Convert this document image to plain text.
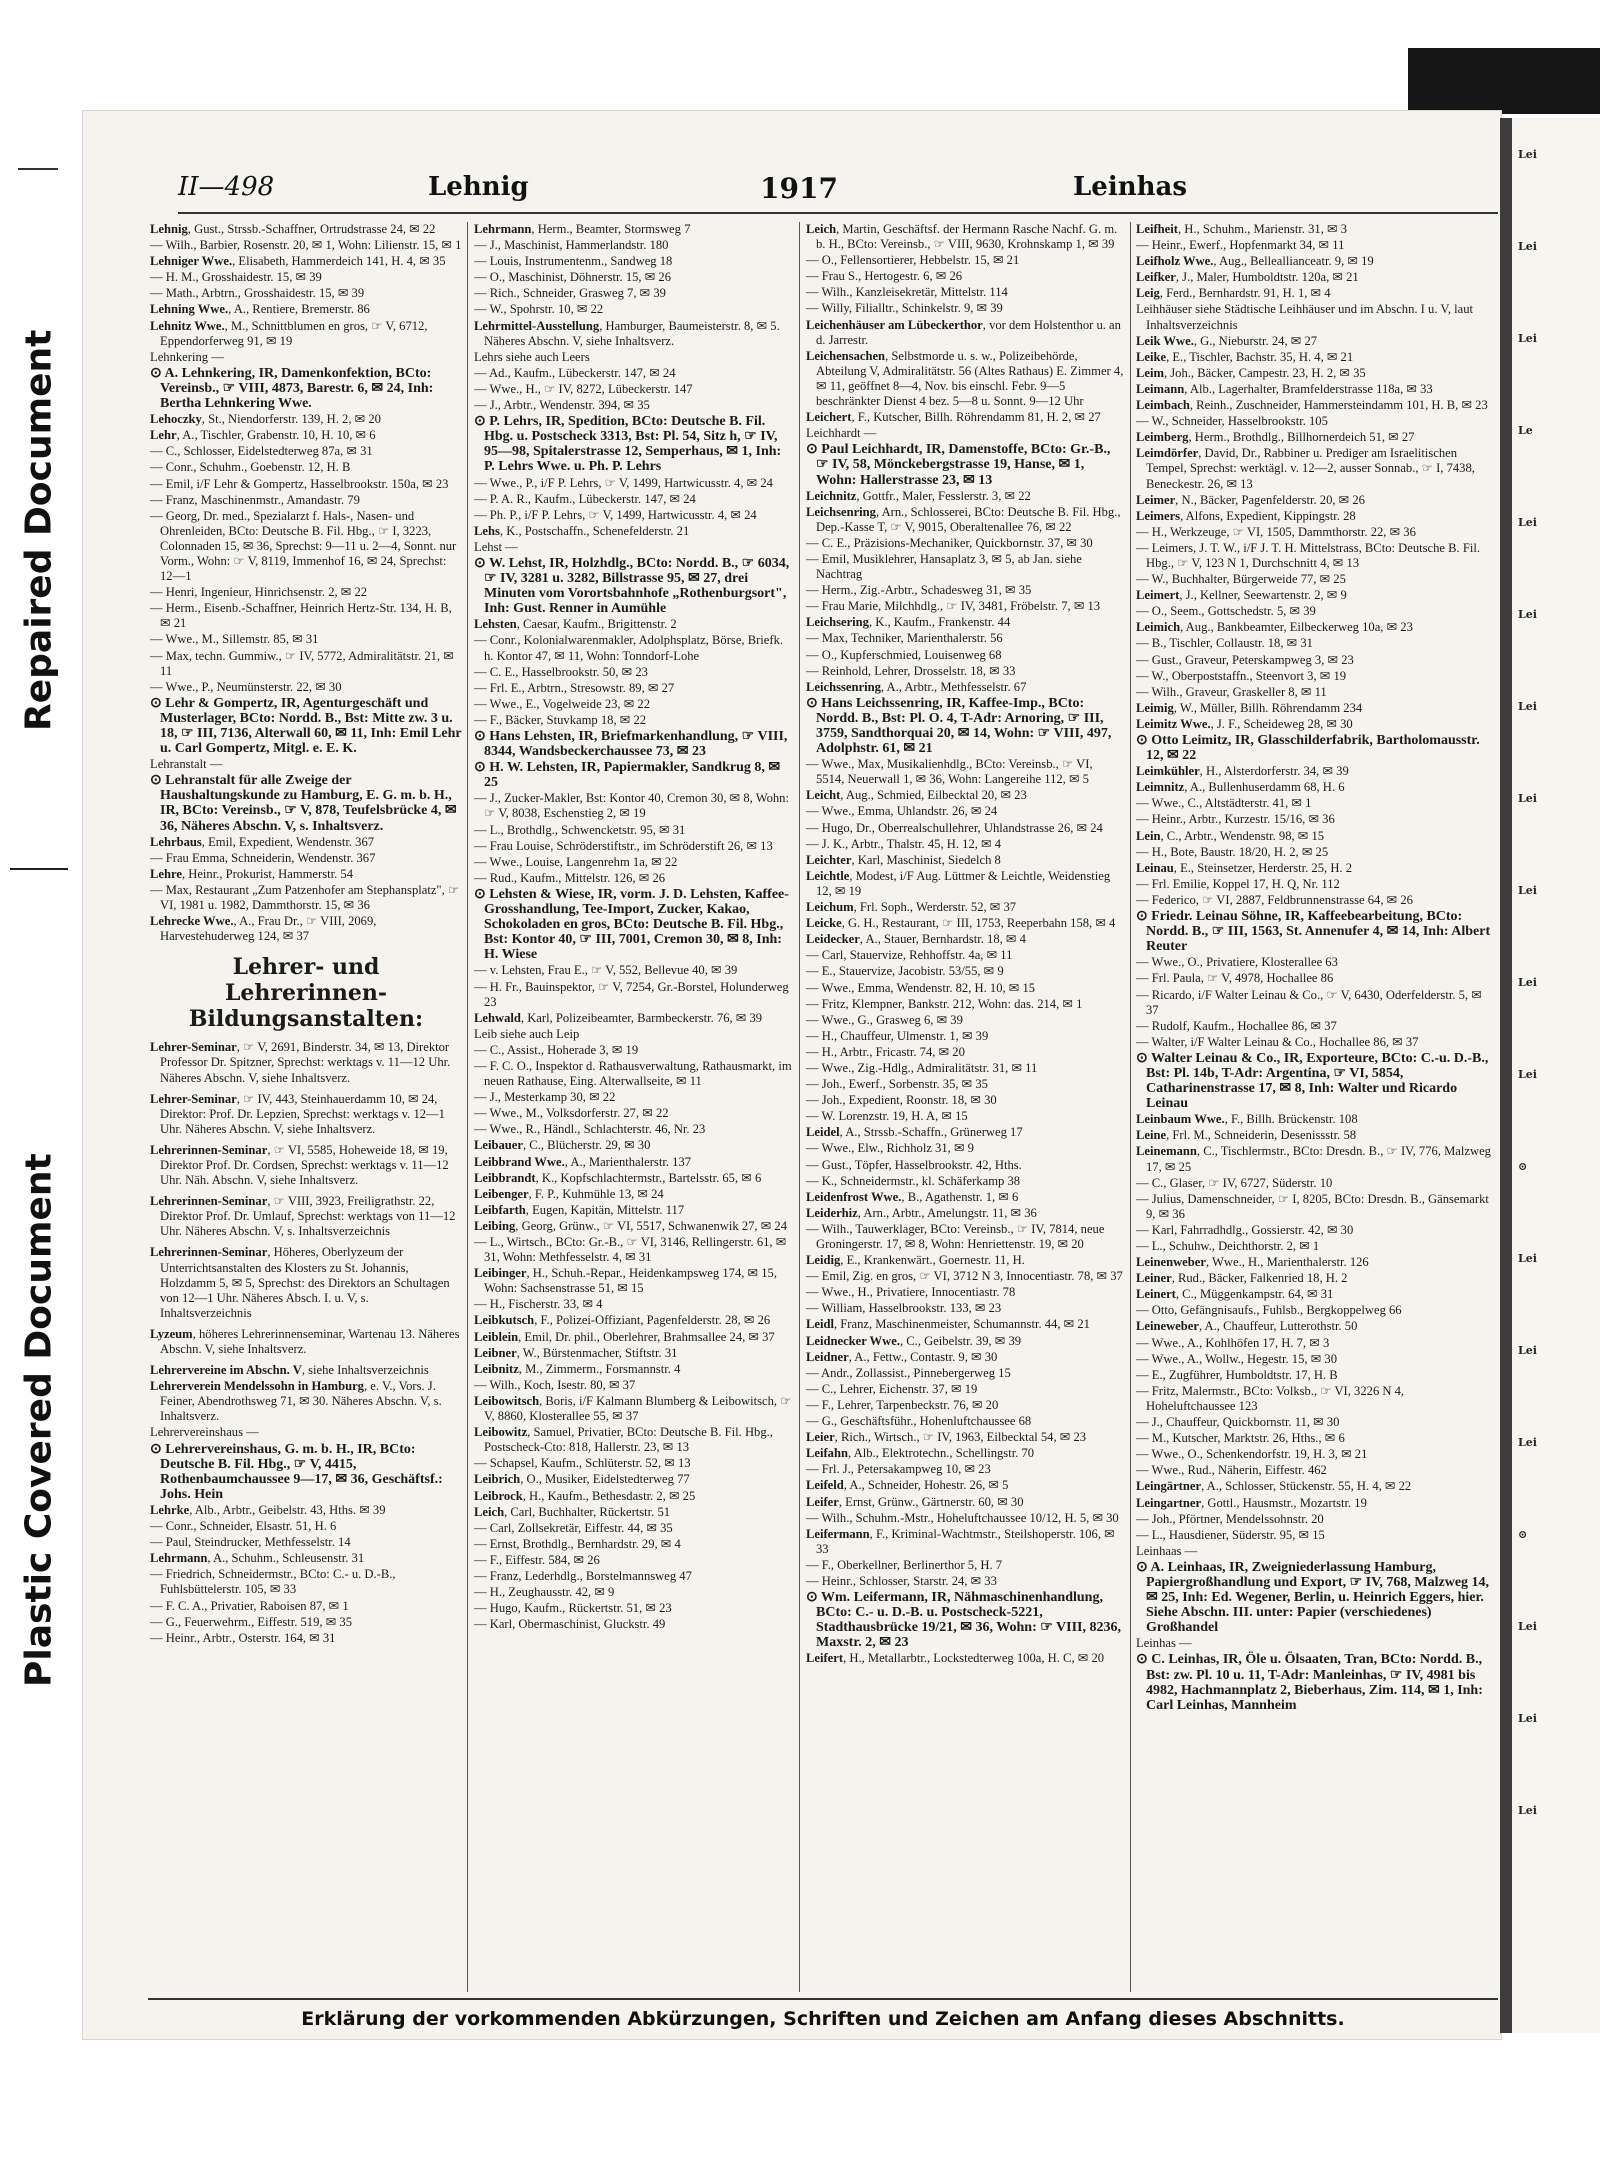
Repaired Document
Plastic Covered Document
Lei
Lei
Lei
Le
Lei
Lei
Lei
Lei
Lei
Lei
Lei
⊙
Lei
Lei
Lei
⊙
Lei
Lei
Lei
II—498	Lehnig	1917	Leinhas

Lehnig, Gust., Strssb.-Schaffner, Ortrudstrasse 24, ✉ 22

— Wilh., Barbier, Rosenstr. 20, ✉ 1, Wohn: Lilienstr. 15, ✉ 1

Lehniger Wwe., Elisabeth, Hammerdeich 141, H. 4, ✉ 35

— H. M., Grosshaidestr. 15, ✉ 39

— Math., Arbtrn., Grosshaidestr. 15, ✉ 39

Lehning Wwe., A., Rentiere, Bremerstr. 86

Lehnitz Wwe., M., Schnittblumen en gros, ☞ V, 6712, Eppendorferweg 91, ✉ 19

Lehnkering —

⊙ A. Lehnkering, IR, Damenkonfektion, BCto: Vereinsb., ☞ VIII, 4873, Barestr. 6, ✉ 24, Inh: Bertha Lehnkering Wwe.

Lehoczky, St., Niendorferstr. 139, H. 2, ✉ 20

Lehr, A., Tischler, Grabenstr. 10, H. 10, ✉ 6

— C., Schlosser, Eidelstedterweg 87a, ✉ 31

— Conr., Schuhm., Goebenstr. 12, H. B

— Emil, i/F Lehr & Gompertz, Hasselbrookstr. 150a, ✉ 23

— Franz, Maschinenmstr., Amandastr. 79

— Georg, Dr. med., Spezialarzt f. Hals-, Nasen- und Ohrenleiden, BCto: Deutsche B. Fil. Hbg., ☞ I, 3223, Colonnaden 15, ✉ 36, Sprechst: 9—11 u. 2—4, Sonnt. nur Vorm., Wohn: ☞ V, 8119, Immenhof 16, ✉ 24, Sprechst: 12—1

— Henri, Ingenieur, Hinrichsenstr. 2, ✉ 22

— Herm., Eisenb.-Schaffner, Heinrich Hertz-Str. 134, H. B, ✉ 21

— Wwe., M., Sillemstr. 85, ✉ 31

— Max, techn. Gummiw., ☞ IV, 5772, Admiralitätstr. 21, ✉ 11

— Wwe., P., Neumünsterstr. 22, ✉ 30

⊙ Lehr & Gompertz, IR, Agenturgeschäft und Musterlager, BCto: Nordd. B., Bst: Mitte zw. 3 u. 18, ☞ III, 7136, Alterwall 60, ✉ 11, Inh: Emil Lehr u. Carl Gompertz, Mitgl. e. E. K.

Lehranstalt —

⊙ Lehranstalt für alle Zweige der Haushaltungskunde zu Hamburg, E. G. m. b. H., IR, BCto: Vereinsb., ☞ V, 878, Teufelsbrücke 4, ✉ 36, Näheres Abschn. V, s. Inhaltsverz.

Lehrbaus, Emil, Expedient, Wendenstr. 367

— Frau Emma, Schneiderin, Wendenstr. 367

Lehre, Heinr., Prokurist, Hammerstr. 54

— Max, Restaurant „Zum Patzenhofer am Stephansplatz", ☞ VI, 1981 u. 1982, Dammthorstr. 15, ✉ 36

Lehrecke Wwe., A., Frau Dr., ☞ VIII, 2069, Harvestehuderweg 124, ✉ 37

Lehrer- und Lehrerinnen-Bildungsanstalten:

Lehrer-Seminar, ☞ V, 2691, Binderstr. 34, ✉ 13, Direktor Professor Dr. Spitzner, Sprechst: werktags v. 11—12 Uhr. Näheres Abschn. V, siehe Inhaltsverz.

Lehrer-Seminar, ☞ IV, 443, Steinhauerdamm 10, ✉ 24, Direktor: Prof. Dr. Lepzien, Sprechst: werktags v. 12—1 Uhr. Näheres Abschn. V, siehe Inhaltsverz.

Lehrerinnen-Seminar, ☞ VI, 5585, Hoheweide 18, ✉ 19, Direktor Prof. Dr. Cordsen, Sprechst: werktags v. 11—12 Uhr. Näh. Abschn. V, siehe Inhaltsverz.

Lehrerinnen-Seminar, ☞ VIII, 3923, Freiligrathstr. 22, Direktor Prof. Dr. Umlauf, Sprechst: werktags von 11—12 Uhr. Näheres Abschn. V, s. Inhaltsverzeichnis

Lehrerinnen-Seminar, Höheres, Oberlyzeum der Unterrichtsanstalten des Klosters zu St. Johannis, Holzdamm 5, ✉ 5, Sprechst: des Direktors an Schultagen von 12—1 Uhr. Näheres Absch. I. u. V, s. Inhaltsverzeichnis

Lyzeum, höheres Lehrerinnenseminar, Wartenau 13. Näheres Abschn. V, siehe Inhaltsverz.

Lehrervereine im Abschn. V, siehe Inhaltsverzeichnis

Lehrerverein Mendelssohn in Hamburg, e. V., Vors. J. Feiner, Abendrothsweg 71, ✉ 30. Näheres Abschn. V, s. Inhaltsverz.

Lehrervereinshaus —

⊙ Lehrervereinshaus, G. m. b. H., IR, BCto: Deutsche B. Fil. Hbg., ☞ V, 4415, Rothenbaumchaussee 9—17, ✉ 36, Geschäftsf.: Johs. Hein

Lehrke, Alb., Arbtr., Geibelstr. 43, Hths. ✉ 39

— Conr., Schneider, Elsastr. 51, H. 6

— Paul, Steindrucker, Methfesselstr. 14

Lehrmann, A., Schuhm., Schleusenstr. 31

— Friedrich, Schneidermstr., BCto: C.- u. D.-B., Fuhlsbüttelerstr. 105, ✉ 33

— F. C. A., Privatier, Raboisen 87, ✉ 1

— G., Feuerwehrm., Eiffestr. 519, ✉ 35

— Heinr., Arbtr., Osterstr. 164, ✉ 31

Lehrmann, Herm., Beamter, Stormsweg 7

— J., Maschinist, Hammerlandstr. 180

— Louis, Instrumentenm., Sandweg 18

— O., Maschinist, Döhnerstr. 15, ✉ 26

— Rich., Schneider, Grasweg 7, ✉ 39

— W., Spohrstr. 10, ✉ 22

Lehrmittel-Ausstellung, Hamburger, Baumeisterstr. 8, ✉ 5. Näheres Abschn. V, siehe Inhaltsverz.

Lehrs siehe auch Leers

— Ad., Kaufm., Lübeckerstr. 147, ✉ 24

— Wwe., H., ☞ IV, 8272, Lübeckerstr. 147

— J., Arbtr., Wendenstr. 394, ✉ 35

⊙ P. Lehrs, IR, Spedition, BCto: Deutsche B. Fil. Hbg. u. Postscheck 3313, Bst: Pl. 54, Sitz h, ☞ IV, 95—98, Spitalerstrasse 12, Semperhaus, ✉ 1, Inh: P. Lehrs Wwe. u. Ph. P. Lehrs

— Wwe., P., i/F P. Lehrs, ☞ V, 1499, Hartwicusstr. 4, ✉ 24

— P. A. R., Kaufm., Lübeckerstr. 147, ✉ 24

— Ph. P., i/F P. Lehrs, ☞ V, 1499, Hartwicusstr. 4, ✉ 24

Lehs, K., Postschaffn., Schenefelderstr. 21

Lehst —

⊙ W. Lehst, IR, Holzhdlg., BCto: Nordd. B., ☞ 6034, ☞ IV, 3281 u. 3282, Billstrasse 95, ✉ 27, drei Minuten vom Vorortsbahnhofe „Rothenburgsort", Inh: Gust. Renner in Aumühle

Lehsten, Caesar, Kaufm., Brigittenstr. 2

— Conr., Kolonialwarenmakler, Adolphsplatz, Börse, Briefk. h. Kontor 47, ✉ 11, Wohn: Tonndorf-Lohe

— C. E., Hasselbrookstr. 50, ✉ 23

— Frl. E., Arbtrn., Stresowstr. 89, ✉ 27

— Wwe., E., Vogelweide 23, ✉ 22

— F., Bäcker, Stuvkamp 18, ✉ 22

⊙ Hans Lehsten, IR, Briefmarkenhandlung, ☞ VIII, 8344, Wandsbeckerchaussee 73, ✉ 23

⊙ H. W. Lehsten, IR, Papiermakler, Sandkrug 8, ✉ 25

— J., Zucker-Makler, Bst: Kontor 40, Cremon 30, ✉ 8, Wohn: ☞ V, 8038, Eschenstieg 2, ✉ 19

— L., Brothdlg., Schwencketstr. 95, ✉ 31

— Frau Louise, Schröderstiftstr., im Schröderstift 26, ✉ 13

— Wwe., Louise, Langenrehm 1a, ✉ 22

— Rud., Kaufm., Mittelstr. 126, ✉ 26

⊙ Lehsten & Wiese, IR, vorm. J. D. Lehsten, Kaffee-Grosshandlung, Tee-Import, Zucker, Kakao, Schokoladen en gros, BCto: Deutsche B. Fil. Hbg., Bst: Kontor 40, ☞ III, 7001, Cremon 30, ✉ 8, Inh: H. Wiese

— v. Lehsten, Frau E., ☞ V, 552, Bellevue 40, ✉ 39

— H. Fr., Bauinspektor, ☞ V, 7254, Gr.-Borstel, Holunderweg 23

Lehwald, Karl, Polizeibeamter, Barmbeckerstr. 76, ✉ 39

Leib siehe auch Leip

— C., Assist., Hoherade 3, ✉ 19

— F. C. O., Inspektor d. Rathausverwaltung, Rathausmarkt, im neuen Rathause, Eing. Alterwallseite, ✉ 11

— J., Mesterkamp 30, ✉ 22

— Wwe., M., Volksdorferstr. 27, ✉ 22

— Wwe., R., Händl., Schlachterstr. 46, Nr. 23

Leibauer, C., Blücherstr. 29, ✉ 30

Leibbrand Wwe., A., Marienthalerstr. 137

Leibbrandt, K., Kopfschlachtermstr., Bartelsstr. 65, ✉ 6

Leibenger, F. P., Kuhmühle 13, ✉ 24

Leibfarth, Eugen, Kapitän, Mittelstr. 117

Leibing, Georg, Grünw., ☞ VI, 5517, Schwanenwik 27, ✉ 24

— L., Wirtsch., BCto: Gr.-B., ☞ VI, 3146, Rellingerstr. 61, ✉ 31, Wohn: Methfesselstr. 4, ✉ 31

Leibinger, H., Schuh.-Repar., Heidenkampsweg 174, ✉ 15, Wohn: Sachsenstrasse 51, ✉ 15

— H., Fischerstr. 33, ✉ 4

Leibkutsch, F., Polizei-Offiziant, Pagenfelderstr. 28, ✉ 26

Leiblein, Emil, Dr. phil., Oberlehrer, Brahmsallee 24, ✉ 37

Leibner, W., Bürstenmacher, Stiftstr. 31

Leibnitz, M., Zimmerm., Forsmannstr. 4

— Wilh., Koch, Isestr. 80, ✉ 37

Leibowitsch, Boris, i/F Kalmann Blumberg & Leibowitsch, ☞ V, 8860, Klosterallee 55, ✉ 37

Leibowitz, Samuel, Privatier, BCto: Deutsche B. Fil. Hbg., Postscheck-Cto: 818, Hallerstr. 23, ✉ 13

— Schapsel, Kaufm., Schlüterstr. 52, ✉ 13

Leibrich, O., Musiker, Eidelstedterweg 77

Leibrock, H., Kaufm., Bethesdastr. 2, ✉ 25

Leich, Carl, Buchhalter, Rückertstr. 51

— Carl, Zollsekretär, Eiffestr. 44, ✉ 35

— Ernst, Brothdlg., Bernhardstr. 29, ✉ 4

— F., Eiffestr. 584, ✉ 26

— Franz, Lederhdlg., Borstelmannsweg 47

— H., Zeughausstr. 42, ✉ 9

— Hugo, Kaufm., Rückertstr. 51, ✉ 23

— Karl, Obermaschinist, Gluckstr. 49

Leich, Martin, Geschäftsf. der Hermann Rasche Nachf. G. m. b. H., BCto: Vereinsb., ☞ VIII, 9630, Krohnskamp 1, ✉ 39

— O., Fellensortierer, Hebbelstr. 15, ✉ 21

— Frau S., Hertogestr. 6, ✉ 26

— Wilh., Kanzleisekretär, Mittelstr. 114

— Willy, Filialltr., Schinkelstr. 9, ✉ 39

Leichenhäuser am Lübeckerthor, vor dem Holstenthor u. an d. Jarrestr.

Leichensachen, Selbstmorde u. s. w., Polizeibehörde, Abteilung V, Admiralitätstr. 56 (Altes Rathaus) E. Zimmer 4, ✉ 11, geöffnet 8—4, Nov. bis einschl. Febr. 9—5 beschränkter Dienst 4 bez. 5—8 u. Sonnt. 9—12 Uhr

Leichert, F., Kutscher, Billh. Röhrendamm 81, H. 2, ✉ 27

Leichhardt —

⊙ Paul Leichhardt, IR, Damenstoffe, BCto: Gr.-B., ☞ IV, 58, Mönckebergstrasse 19, Hanse, ✉ 1, Wohn: Hallerstrasse 23, ✉ 13

Leichnitz, Gottfr., Maler, Fesslerstr. 3, ✉ 22

Leichsenring, Arn., Schlosserei, BCto: Deutsche B. Fil. Hbg., Dep.-Kasse T, ☞ V, 9015, Oberaltenallee 76, ✉ 22

— C. E., Präzisions-Mechaniker, Quickbornstr. 37, ✉ 30

— Emil, Musiklehrer, Hansaplatz 3, ✉ 5, ab Jan. siehe Nachtrag

— Herm., Zig.-Arbtr., Schadesweg 31, ✉ 35

— Frau Marie, Milchhdlg., ☞ IV, 3481, Fröbelstr. 7, ✉ 13

Leichsering, K., Kaufm., Frankenstr. 44

— Max, Techniker, Marienthalerstr. 56

— O., Kupferschmied, Louisenweg 68

— Reinhold, Lehrer, Drosselstr. 18, ✉ 33

Leichssenring, A., Arbtr., Methfesselstr. 67

⊙ Hans Leichssenring, IR, Kaffee-Imp., BCto: Nordd. B., Bst: Pl. O. 4, T-Adr: Arnoring, ☞ III, 3759, Sandthorquai 20, ✉ 14, Wohn: ☞ VIII, 497, Adolphstr. 61, ✉ 21

— Wwe., Max, Musikalienhdlg., BCto: Vereinsb., ☞ VI, 5514, Neuerwall 1, ✉ 36, Wohn: Langereihe 112, ✉ 5

Leicht, Aug., Schmied, Eilbecktal 20, ✉ 23

— Wwe., Emma, Uhlandstr. 26, ✉ 24

— Hugo, Dr., Oberrealschullehrer, Uhlandstrasse 26, ✉ 24

— J. K., Arbtr., Thalstr. 45, H. 12, ✉ 4

Leichter, Karl, Maschinist, Siedelch 8

Leichtle, Modest, i/F Aug. Lüttmer & Leichtle, Weidenstieg 12, ✉ 19

Leichum, Frl. Soph., Werderstr. 52, ✉ 37

Leicke, G. H., Restaurant, ☞ III, 1753, Reeperbahn 158, ✉ 4

Leidecker, A., Stauer, Bernhardstr. 18, ✉ 4

— Carl, Stauervize, Rehhoffstr. 4a, ✉ 11

— E., Stauervize, Jacobistr. 53/55, ✉ 9

— Wwe., Emma, Wendenstr. 82, H. 10, ✉ 15

— Fritz, Klempner, Bankstr. 212, Wohn: das. 214, ✉ 1

— Wwe., G., Grasweg 6, ✉ 39

— H., Chauffeur, Ulmenstr. 1, ✉ 39

— H., Arbtr., Fricastr. 74, ✉ 20

— Wwe., Zig.-Hdlg., Admiralitätstr. 31, ✉ 11

— Joh., Ewerf., Sorbenstr. 35, ✉ 35

— Joh., Expedient, Roonstr. 18, ✉ 30

— W. Lorenzstr. 19, H. A, ✉ 15

Leidel, A., Strssb.-Schaffn., Grünerweg 17

— Wwe., Elw., Richholz 31, ✉ 9

— Gust., Töpfer, Hasselbrookstr. 42, Hths.

— K., Schneidermstr., kl. Schäferkamp 38

Leidenfrost Wwe., B., Agathenstr. 1, ✉ 6

Leiderhiz, Arn., Arbtr., Amelungstr. 11, ✉ 36

— Wilh., Tauwerklager, BCto: Vereinsb., ☞ IV, 7814, neue Groningerstr. 17, ✉ 8, Wohn: Henriettenstr. 19, ✉ 20

Leidig, E., Krankenwärt., Goernestr. 11, H.

— Emil, Zig. en gros, ☞ VI, 3712 N 3, Innocentiastr. 78, ✉ 37

— Wwe., H., Privatiere, Innocentiastr. 78

— William, Hasselbrookstr. 133, ✉ 23

Leidl, Franz, Maschinenmeister, Schumannstr. 44, ✉ 21

Leidnecker Wwe., C., Geibelstr. 39, ✉ 39

Leidner, A., Fettw., Contastr. 9, ✉ 30

— Andr., Zollassist., Pinnebergerweg 15

— C., Lehrer, Eichenstr. 37, ✉ 19

— F., Lehrer, Tarpenbeckstr. 76, ✉ 20

— G., Geschäftsführ., Hohenluftchaussee 68

Leier, Rich., Wirtsch., ☞ IV, 1963, Eilbecktal 54, ✉ 23

Leifahn, Alb., Elektrotechn., Schellingstr. 70

— Frl. J., Petersakampweg 10, ✉ 23

Leifeld, A., Schneider, Hohestr. 26, ✉ 5

Leifer, Ernst, Grünw., Gärtnerstr. 60, ✉ 30

— Wilh., Schuhm.-Mstr., Hoheluftchaussee 10/12, H. 5, ✉ 30

Leifermann, F., Kriminal-Wachtmstr., Steilshoperstr. 106, ✉ 33

— F., Oberkellner, Berlinerthor 5, H. 7

— Heinr., Schlosser, Starstr. 24, ✉ 33

⊙ Wm. Leifermann, IR, Nähmaschinenhandlung, BCto: C.- u. D.-B. u. Postscheck-5221, Stadthausbrücke 19/21, ✉ 36, Wohn: ☞ VIII, 8236, Maxstr. 2, ✉ 23

Leifert, H., Metallarbtr., Lockstedterweg 100a, H. C, ✉ 20

Leifheit, H., Schuhm., Marienstr. 31, ✉ 3

— Heinr., Ewerf., Hopfenmarkt 34, ✉ 11

Leifholz Wwe., Aug., Belleallianceatr. 9, ✉ 19

Leifker, J., Maler, Humboldtstr. 120a, ✉ 21

Leig, Ferd., Bernhardstr. 91, H. 1, ✉ 4

Leihhäuser siehe Städtische Leihhäuser und im Abschn. I u. V, laut Inhaltsverzeichnis

Leik Wwe., G., Nieburstr. 24, ✉ 27

Leike, E., Tischler, Bachstr. 35, H. 4, ✉ 21

Leim, Joh., Bäcker, Campestr. 23, H. 2, ✉ 35

Leimann, Alb., Lagerhalter, Bramfelderstrasse 118a, ✉ 33

Leimbach, Reinh., Zuschneider, Hammersteindamm 101, H. B, ✉ 23

— W., Schneider, Hasselbrookstr. 105

Leimberg, Herm., Brothdlg., Billhornerdeich 51, ✉ 27

Leimdörfer, David, Dr., Rabbiner u. Prediger am Israelitischen Tempel, Sprechst: werktägl. v. 12—2, ausser Sonnab., ☞ I, 7438, Beneckestr. 26, ✉ 13

Leimer, N., Bäcker, Pagenfelderstr. 20, ✉ 26

Leimers, Alfons, Expedient, Kippingstr. 28

— H., Werkzeuge, ☞ VI, 1505, Dammthorstr. 22, ✉ 36

— Leimers, J. T. W., i/F J. T. H. Mittelstrass, BCto: Deutsche B. Fil. Hbg., ☞ V, 123 N 1, Durchschnitt 4, ✉ 13

— W., Buchhalter, Bürgerweide 77, ✉ 25

Leimert, J., Kellner, Seewartenstr. 2, ✉ 9

— O., Seem., Gottschedstr. 5, ✉ 39

Leimich, Aug., Bankbeamter, Eilbeckerweg 10a, ✉ 23

— B., Tischler, Collaustr. 18, ✉ 31

— Gust., Graveur, Peterskampweg 3, ✉ 23

— W., Oberpoststaffn., Steenvort 3, ✉ 19

— Wilh., Graveur, Graskeller 8, ✉ 11

Leimig, W., Müller, Billh. Röhrendamm 234

Leimitz Wwe., J. F., Scheideweg 28, ✉ 30

⊙ Otto Leimitz, IR, Glasschilderfabrik, Bartholomausstr. 12, ✉ 22

Leimkühler, H., Alsterdorferstr. 34, ✉ 39

Leimnitz, A., Bullenhuserdamm 68, H. 6

— Wwe., C., Altstädterstr. 41, ✉ 1

— Heinr., Arbtr., Kurzestr. 15/16, ✉ 36

Lein, C., Arbtr., Wendenstr. 98, ✉ 15

— H., Bote, Baustr. 18/20, H. 2, ✉ 25

Leinau, E., Steinsetzer, Herderstr. 25, H. 2

— Frl. Emilie, Koppel 17, H. Q, Nr. 112

— Federico, ☞ VI, 2887, Feldbrunnenstrasse 64, ✉ 26

⊙ Friedr. Leinau Söhne, IR, Kaffeebearbeitung, BCto: Nordd. B., ☞ III, 1563, St. Annenufer 4, ✉ 14, Inh: Albert Reuter

— Wwe., O., Privatiere, Klosterallee 63

— Frl. Paula, ☞ V, 4978, Hochallee 86

— Ricardo, i/F Walter Leinau & Co., ☞ V, 6430, Oderfelderstr. 5, ✉ 37

— Rudolf, Kaufm., Hochallee 86, ✉ 37

— Walter, i/F Walter Leinau & Co., Hochallee 86, ✉ 37

⊙ Walter Leinau & Co., IR, Exporteure, BCto: C.-u. D.-B., Bst: Pl. 14b, T-Adr: Argentina, ☞ VI, 5854, Catharinenstrasse 17, ✉ 8, Inh: Walter und Ricardo Leinau

Leinbaum Wwe., F., Billh. Brückenstr. 108

Leine, Frl. M., Schneiderin, Desenissstr. 58

Leinemann, C., Tischlermstr., BCto: Dresdn. B., ☞ IV, 776, Malzweg 17, ✉ 25

— C., Glaser, ☞ IV, 6727, Süderstr. 10

— Julius, Damenschneider, ☞ I, 8205, BCto: Dresdn. B., Gänsemarkt 9, ✉ 36

— Karl, Fahrradhdlg., Gossierstr. 42, ✉ 30

— L., Schuhw., Deichthorstr. 2, ✉ 1

Leinenweber, Wwe., H., Marienthalerstr. 126

Leiner, Rud., Bäcker, Falkenried 18, H. 2

Leinert, C., Müggenkampstr. 64, ✉ 31

— Otto, Gefängnisaufs., Fuhlsb., Bergkoppelweg 66

Leineweber, A., Chauffeur, Lutterothstr. 50

— Wwe., A., Kohlhöfen 17, H. 7, ✉ 3

— Wwe., A., Wollw., Hegestr. 15, ✉ 30

— E., Zugführer, Humboldtstr. 17, H. B

— Fritz, Malermstr., BCto: Volksb., ☞ VI, 3226 N 4, Hoheluftchaussee 123

— J., Chauffeur, Quickbornstr. 11, ✉ 30

— M., Kutscher, Marktstr. 26, Hths., ✉ 6

— Wwe., O., Schenkendorfstr. 19, H. 3, ✉ 21

— Wwe., Rud., Näherin, Eiffestr. 462

Leingärtner, A., Schlosser, Stückenstr. 55, H. 4, ✉ 22

Leingartner, Gottl., Hausmstr., Mozartstr. 19

— Joh., Pförtner, Mendelssohnstr. 20

— L., Hausdiener, Süderstr. 95, ✉ 15

Leinhaas —

⊙ A. Leinhaas, IR, Zweigniederlassung Hamburg, Papiergroßhandlung und Export, ☞ IV, 768, Malzweg 14, ✉ 25, Inh: Ed. Wegener, Berlin, u. Heinrich Eggers, hier. Siehe Abschn. III. unter: Papier (verschiedenes) Großhandel

Leinhas —

⊙ C. Leinhas, IR, Öle u. Ölsaaten, Tran, BCto: Nordd. B., Bst: zw. Pl. 10 u. 11, T-Adr: Manleinhas, ☞ IV, 4981 bis 4982, Hachmannplatz 2, Bieberhaus, Zim. 114, ✉ 1, Inh: Carl Leinhas, Mannheim

Erklärung der vorkommenden Abkürzungen, Schriften und Zeichen am Anfang dieses Abschnitts.
